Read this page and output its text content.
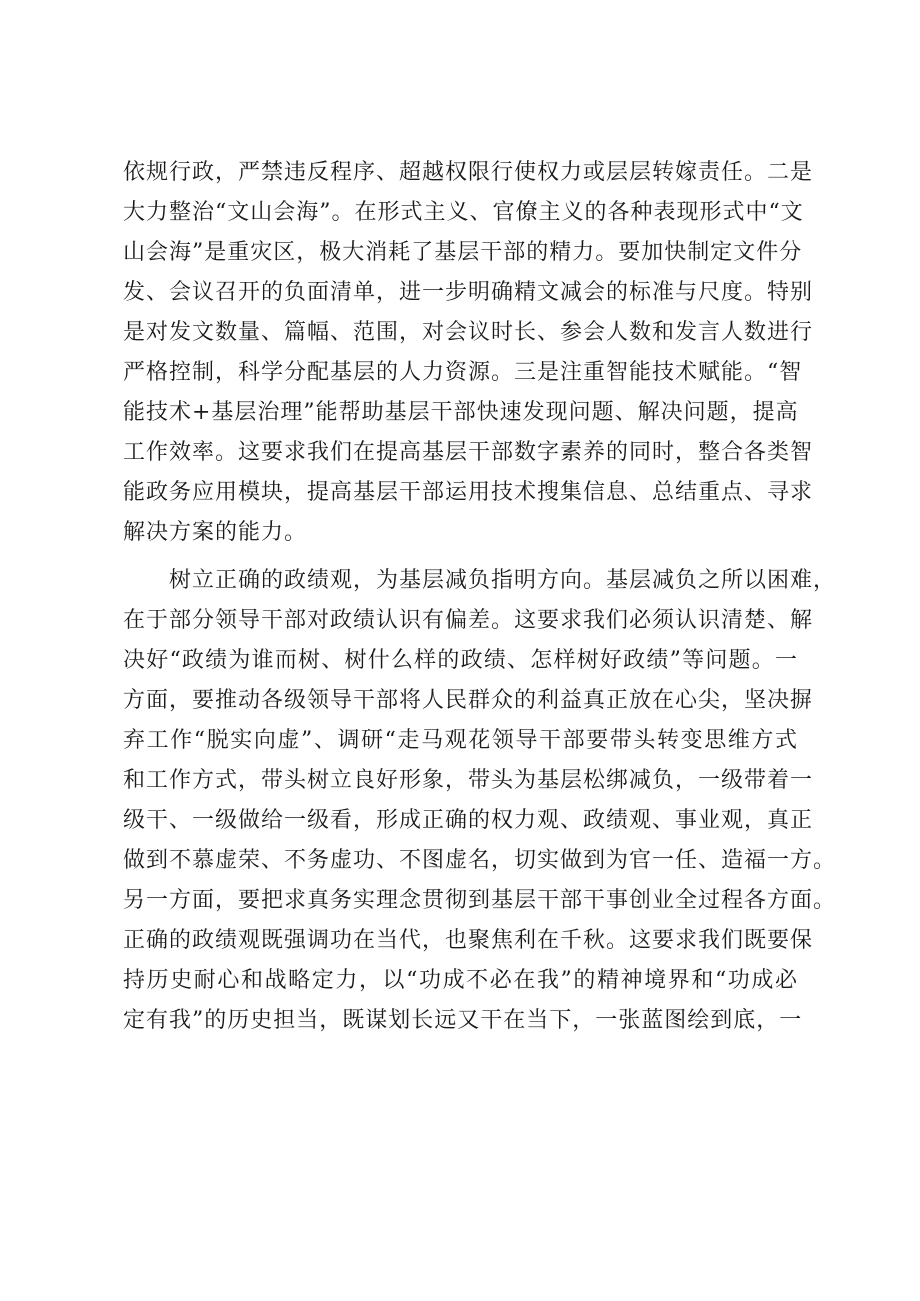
依规行政，严禁违反程序、超越权限行使权力或层层转嫁责任。二是
大力整治“文山会海”。在形式主义、官僚主义的各种表现形式中“文
山会海”是重灾区，极大消耗了基层干部的精力。要加快制定文件分
发、会议召开的负面清单，进一步明确精文减会的标准与尺度。特别
是对发文数量、篇幅、范围，对会议时长、参会人数和发言人数进行
严格控制，科学分配基层的人力资源。三是注重智能技术赋能。“智
能技术+基层治理”能帮助基层干部快速发现问题、解决问题，提高
工作效率。这要求我们在提高基层干部数字素养的同时，整合各类智
能政务应用模块，提高基层干部运用技术搜集信息、总结重点、寻求
解决方案的能力。
树立正确的政绩观，为基层减负指明方向。基层减负之所以困难，
在于部分领导干部对政绩认识有偏差。这要求我们必须认识清楚、解
决好“政绩为谁而树、树什么样的政绩、怎样树好政绩”等问题。一
方面，要推动各级领导干部将人民群众的利益真正放在心尖，坚决摒
弃工作“脱实向虚”、调研“走马观花领导干部要带头转变思维方式
和工作方式，带头树立良好形象，带头为基层松绑减负，一级带着一
级干、一级做给一级看，形成正确的权力观、政绩观、事业观，真正
做到不慕虚荣、不务虚功、不图虚名，切实做到为官一任、造福一方。
另一方面，要把求真务实理念贯彻到基层干部干事创业全过程各方面。
正确的政绩观既强调功在当代，也聚焦利在千秋。这要求我们既要保
持历史耐心和战略定力，以“功成不必在我”的精神境界和“功成必
定有我”的历史担当，既谋划长远又干在当下，一张蓝图绘到底，一
